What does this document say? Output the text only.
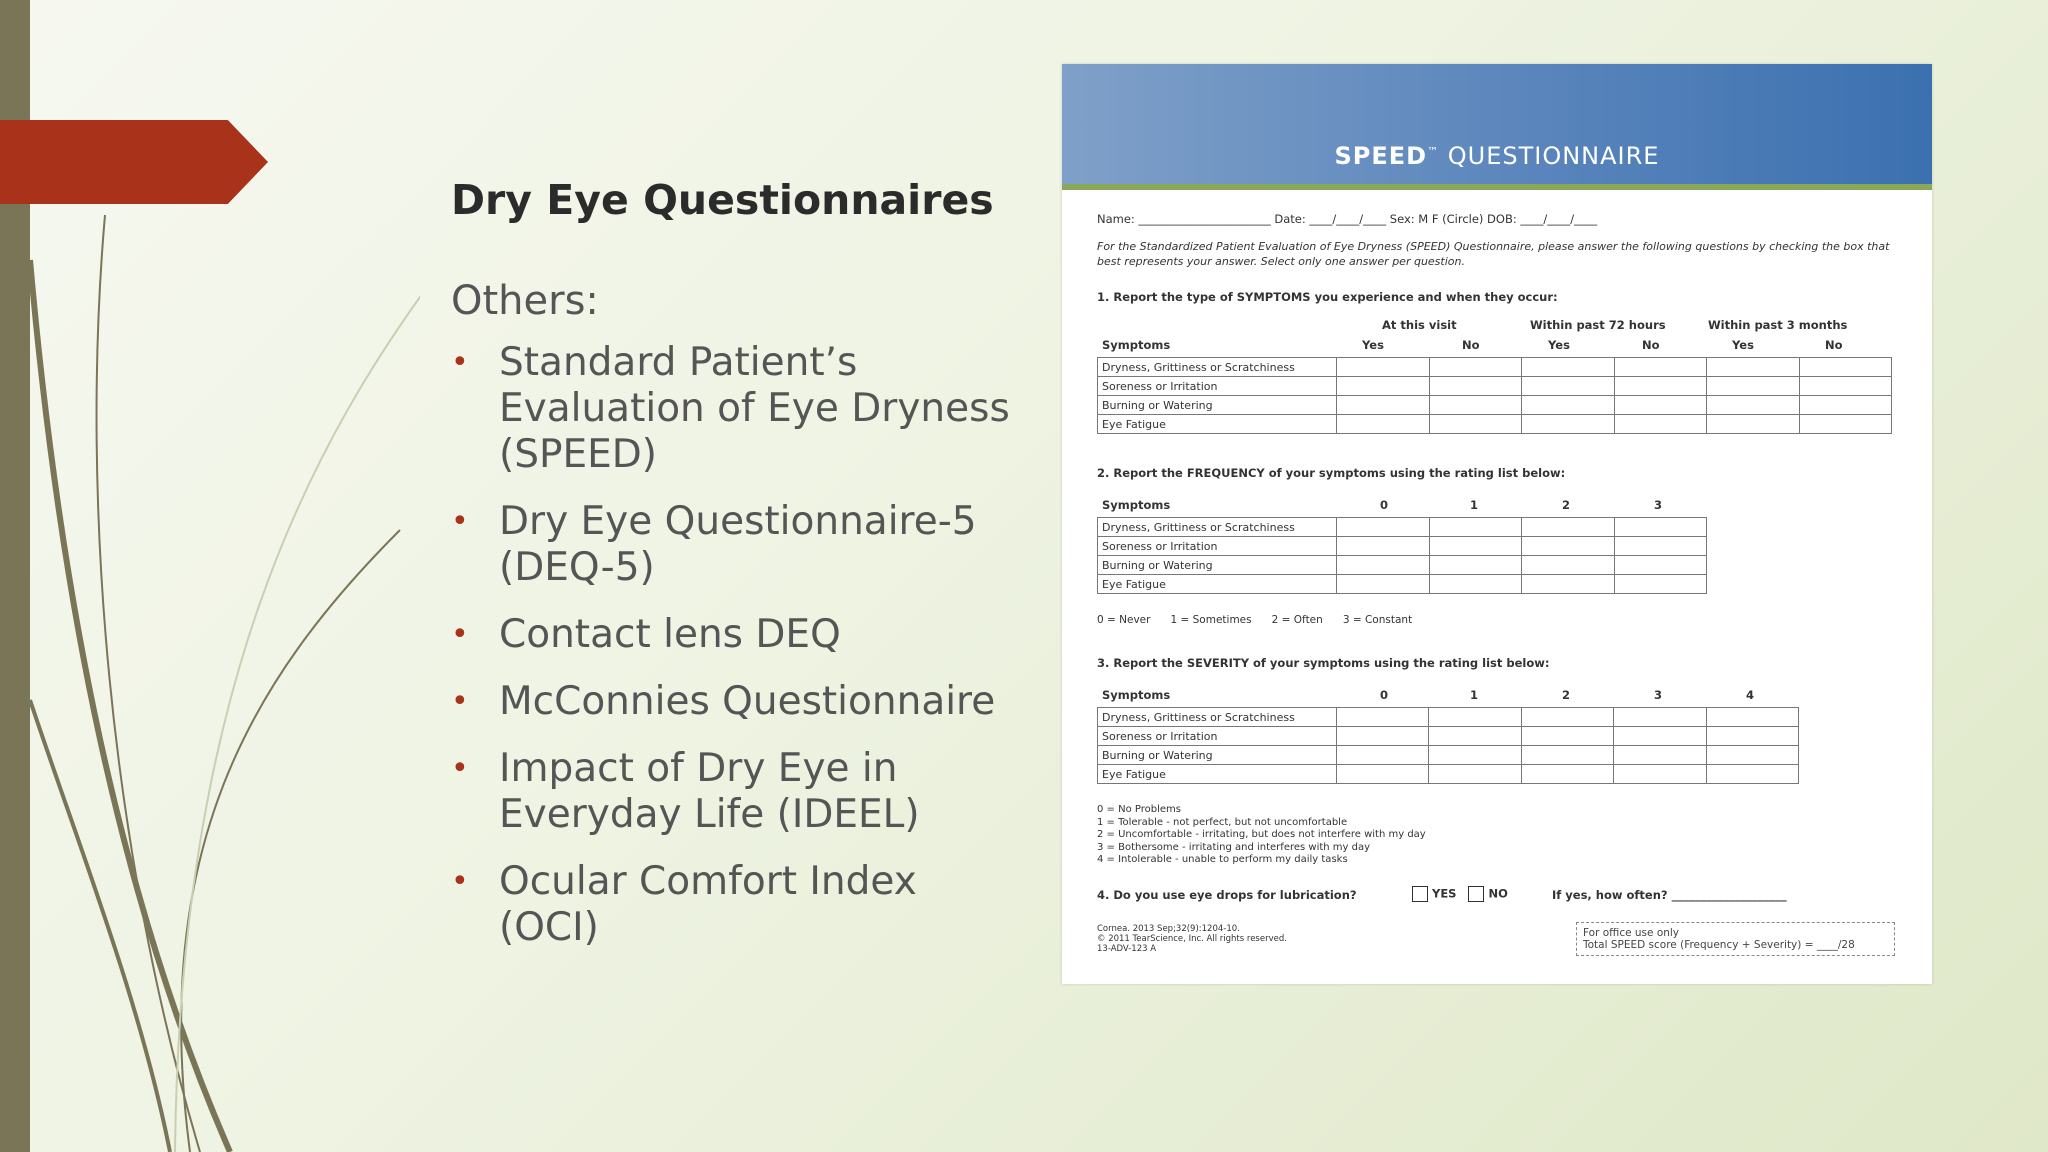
Dry Eye Questionnaires
Others:
• Standard Patient’s Evaluation of Eye Dryness (SPEED)
• Dry Eye Questionnaire-5 (DEQ-5)
• Contact lens DEQ
• McConnies Questionnaire
• Impact of Dry Eye in Everyday Life (IDEEL)
• Ocular Comfort Index (OCI)
SPEED™ QUESTIONNAIRE
Name: _______________________ Date: ____/____/____ Sex: M F (Circle) DOB: ____/____/____
For the Standardized Patient Evaluation of Eye Dryness (SPEED) Questionnaire, please answer the following questions by checking the box that best represents your answer. Select only one answer per question.
1. Report the type of SYMPTOMS you experience and when they occur:
At this visit	Within past 72 hours	Within past 3 months
Symptoms	Yes	No	Yes	No	Yes	No
Dryness, Grittiness or Scratchiness						
Soreness or Irritation						
Burning or Watering						
Eye Fatigue						
2. Report the FREQUENCY of your symptoms using the rating list below:
Symptoms	0	1	2	3
Dryness, Grittiness or Scratchiness				
Soreness or Irritation				
Burning or Watering				
Eye Fatigue				
0 = Never      1 = Sometimes      2 = Often      3 = Constant
3. Report the SEVERITY of your symptoms using the rating list below:
Symptoms	0	1	2	3	4
Dryness, Grittiness or Scratchiness					
Soreness or Irritation					
Burning or Watering					
Eye Fatigue					
0 = No Problems
1 = Tolerable - not perfect, but not uncomfortable
2 = Uncomfortable - irritating, but does not interfere with my day
3 = Bothersome - irritating and interferes with my day
4 = Intolerable - unable to perform my daily tasks
4. Do you use eye drops for lubrication?	YES	NO	If yes, how often? ____________________
Cornea. 2013 Sep;32(9):1204-10.
© 2011 TearScience, Inc. All rights reserved.
13-ADV-123 A
For office use only
Total SPEED score (Frequency + Severity) = ____/28
